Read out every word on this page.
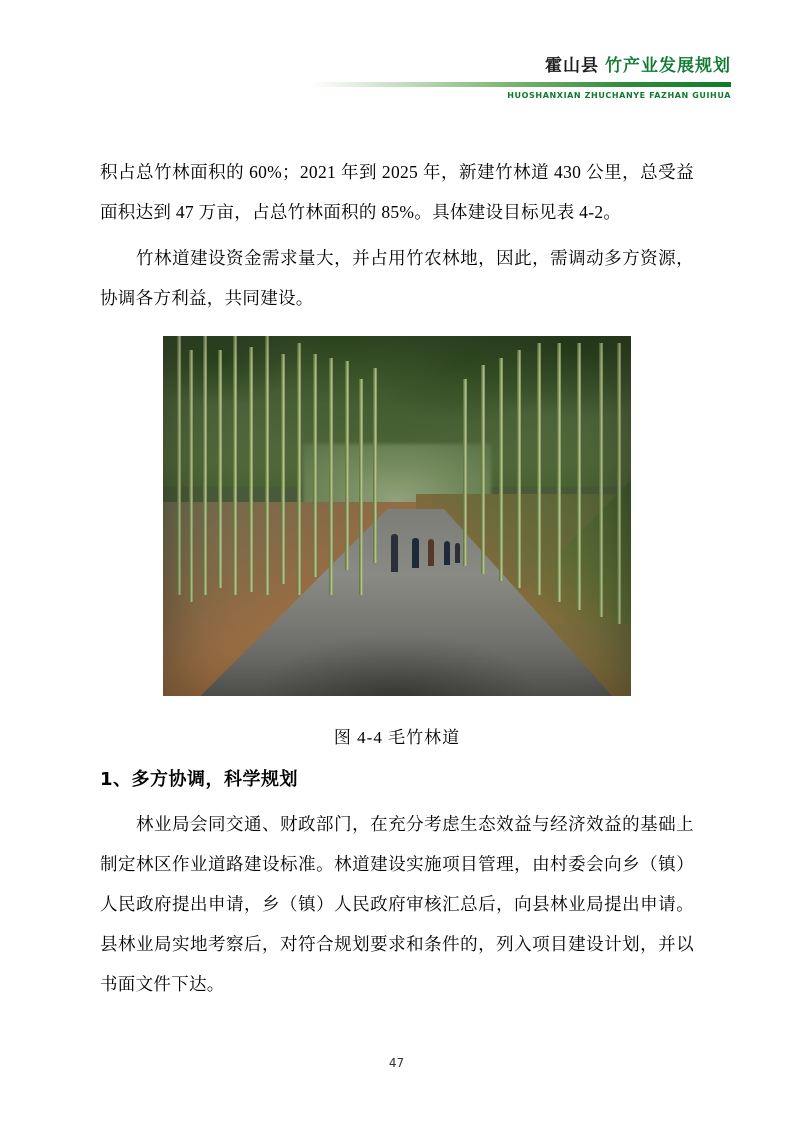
霍山县 竹产业发展规划
HUOSHANXIAN ZHUCHANYE FAZHAN GUIHUA

积占总竹林面积的 60%；2021 年到 2025 年，新建竹林道 430 公里，总受益面积达到 47 万亩，占总竹林面积的 85%。具体建设目标见表 4-2。

竹林道建设资金需求量大，并占用竹农林地，因此，需调动多方资源，协调各方利益，共同建设。

图 4-4 毛竹林道
1、多方协调，科学规划

林业局会同交通、财政部门，在充分考虑生态效益与经济效益的基础上制定林区作业道路建设标准。林道建设实施项目管理，由村委会向乡（镇）人民政府提出申请，乡（镇）人民政府审核汇总后，向县林业局提出申请。县林业局实地考察后，对符合规划要求和条件的，列入项目建设计划，并以书面文件下达。

47
